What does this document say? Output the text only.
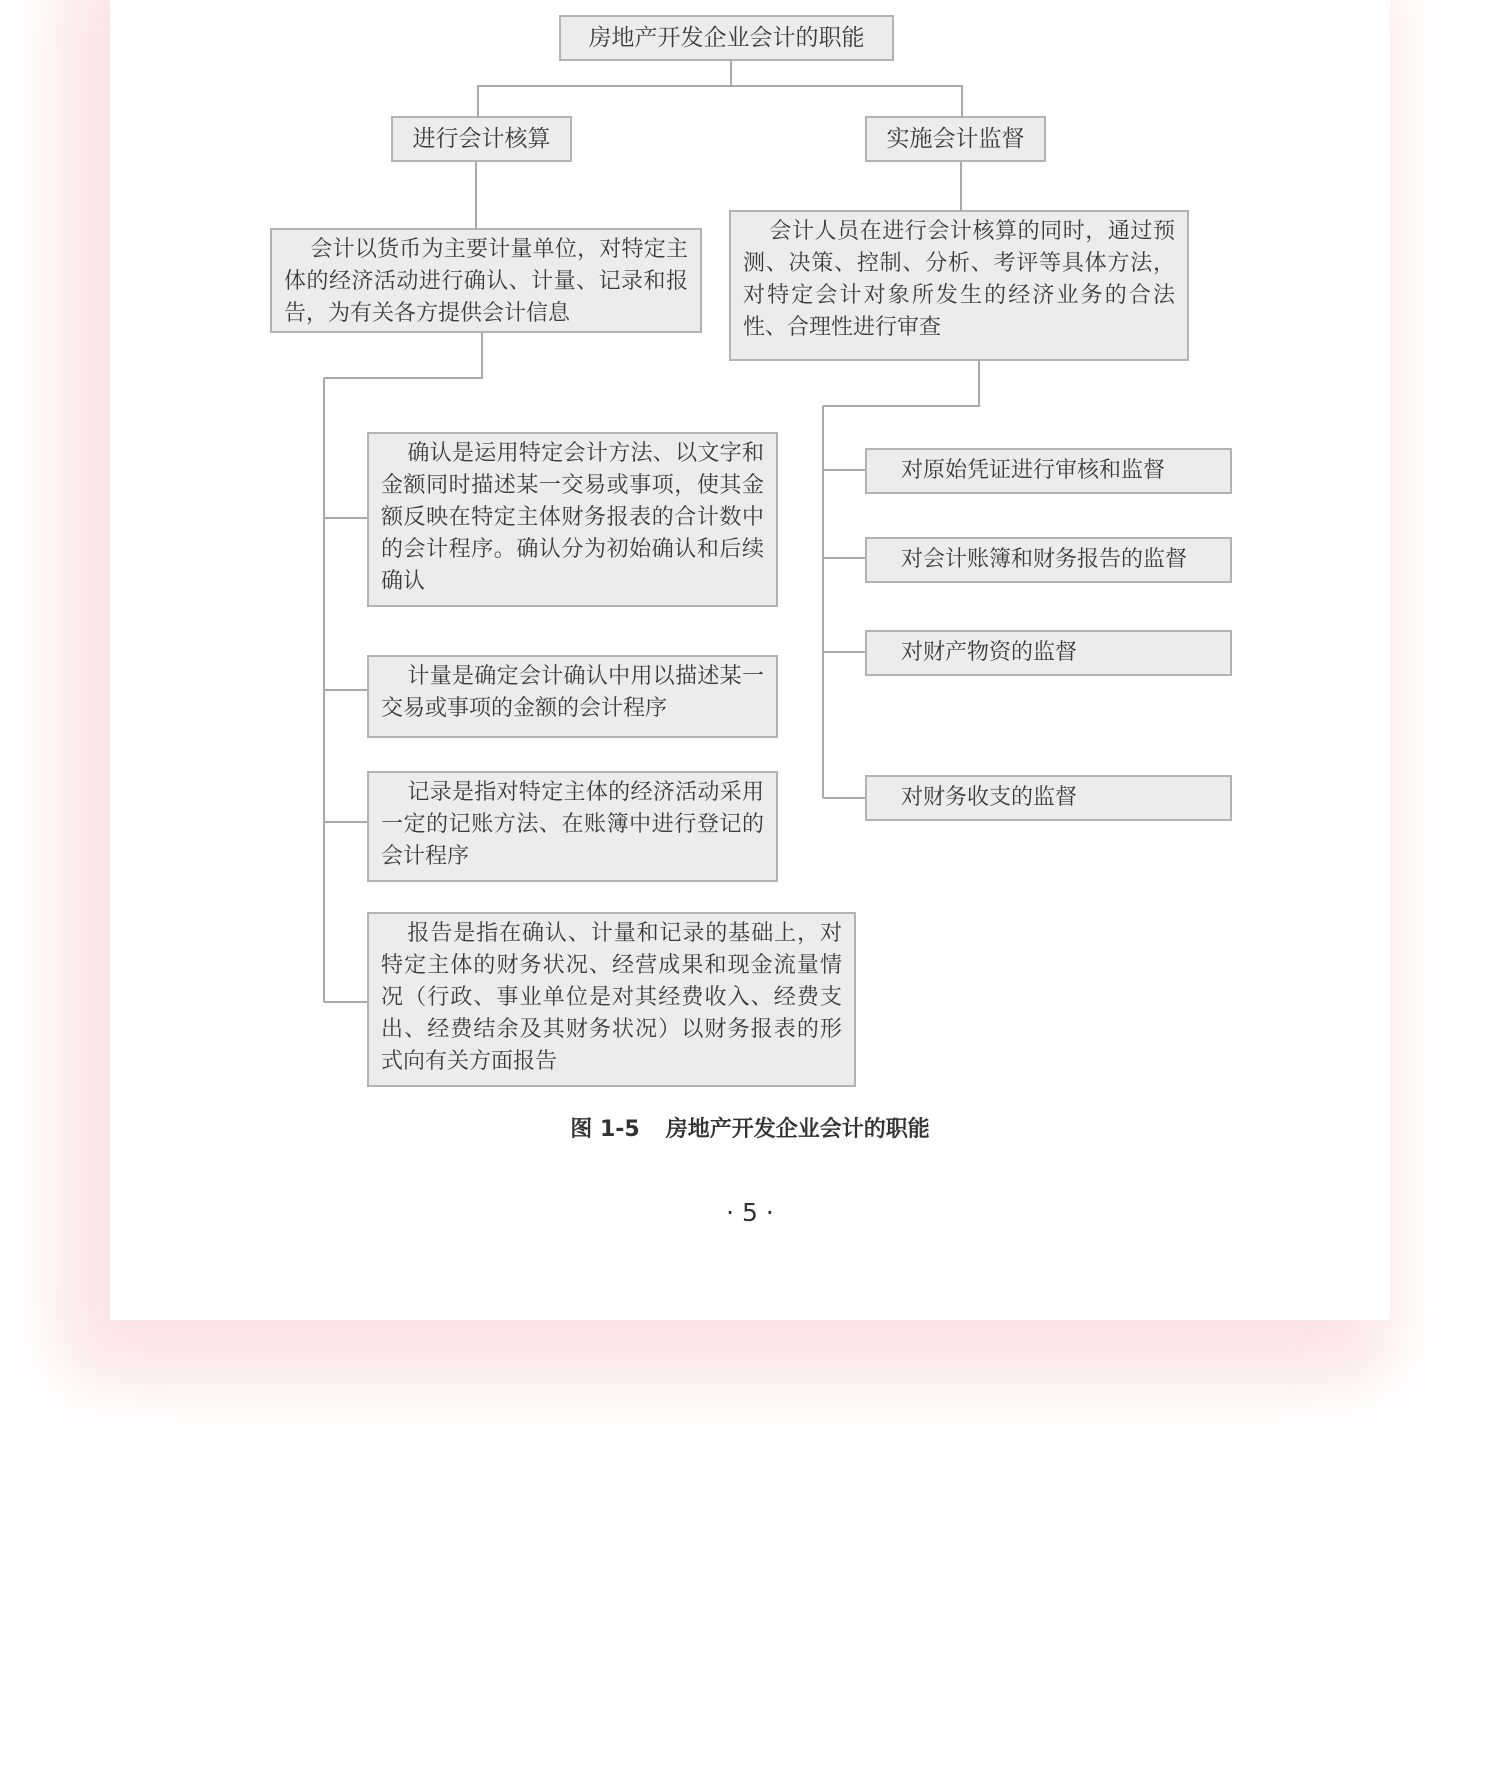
房地产开发企业会计的职能
进行会计核算	实施会计监督
会计以货币为主要计量单位，对特定主体的经济活动进行确认、计量、记录和报告，为有关各方提供会计信息
会计人员在进行会计核算的同时，通过预测、决策、控制、分析、考评等具体方法，对特定会计对象所发生的经济业务的合法性、合理性进行审查
确认是运用特定会计方法、以文字和金额同时描述某一交易或事项，使其金额反映在特定主体财务报表的合计数中的会计程序。确认分为初始确认和后续确认
计量是确定会计确认中用以描述某一交易或事项的金额的会计程序
记录是指对特定主体的经济活动采用一定的记账方法、在账簿中进行登记的会计程序
报告是指在确认、计量和记录的基础上，对特定主体的财务状况、经营成果和现金流量情况（行政、事业单位是对其经费收入、经费支出、经费结余及其财务状况）以财务报表的形式向有关方面报告
对原始凭证进行审核和监督
对会计账簿和财务报告的监督
对财产物资的监督
对财务收支的监督
图 1-5 房地产开发企业会计的职能
· 5 ·
